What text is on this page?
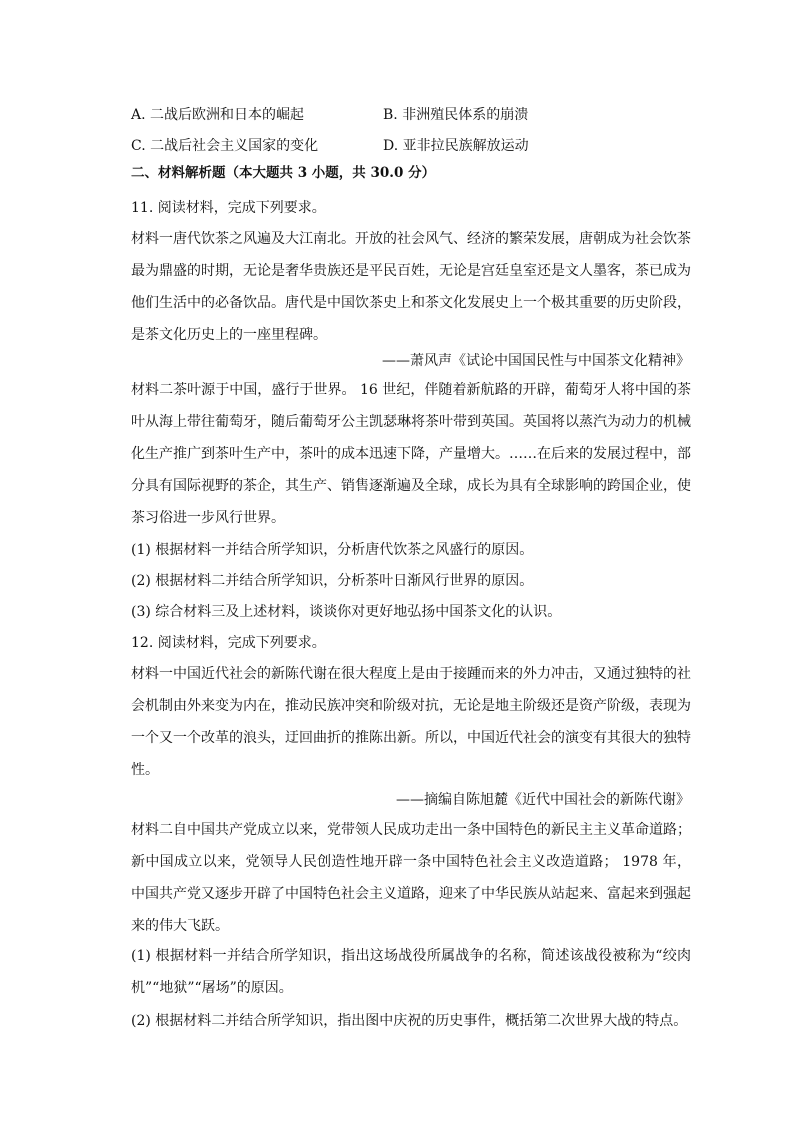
A. 二战后欧洲和日本的崛起	B. 非洲殖民体系的崩溃
C. 二战后社会主义国家的变化	D. 亚非拉民族解放运动
二、材料解析题（本大题共 3 小题，共 30.0 分）
11. 阅读材料，完成下列要求。

材料一唐代饮茶之风遍及大江南北。开放的社会风气、经济的繁荣发展，唐朝成为社会饮茶最为鼎盛的时期，无论是奢华贵族还是平民百姓，无论是宫廷皇室还是文人墨客，茶已成为他们生活中的必备饮品。唐代是中国饮茶史上和茶文化发展史上一个极其重要的历史阶段，是茶文化历史上的一座里程碑。

——萧风声《试论中国国民性与中国茶文化精神》

材料二茶叶源于中国，盛行于世界。 16 世纪，伴随着新航路的开辟，葡萄牙人将中国的茶叶从海上带往葡萄牙，随后葡萄牙公主凯瑟琳将茶叶带到英国。英国将以蒸汽为动力的机械化生产推广到茶叶生产中，茶叶的成本迅速下降，产量增大。……在后来的发展过程中，部分具有国际视野的茶企，其生产、销售逐渐遍及全球，成长为具有全球影响的跨国企业，使茶习俗进一步风行世界。

(1) 根据材料一并结合所学知识，分析唐代饮茶之风盛行的原因。
(2) 根据材料二并结合所学知识，分析茶叶日渐风行世界的原因。
(3) 综合材料三及上述材料，谈谈你对更好地弘扬中国茶文化的认识。
12. 阅读材料，完成下列要求。

材料一中国近代社会的新陈代谢在很大程度上是由于接踵而来的外力冲击，又通过独特的社会机制由外来变为内在，推动民族冲突和阶级对抗，无论是地主阶级还是资产阶级，表现为一个又一个改革的浪头，迂回曲折的推陈出新。所以，中国近代社会的演变有其很大的独特性。

——摘编自陈旭麓《近代中国社会的新陈代谢》

材料二自中国共产党成立以来，党带领人民成功走出一条中国特色的新民主主义革命道路；新中国成立以来，党领导人民创造性地开辟一条中国特色社会主义改造道路； 1978 年，中国共产党又逐步开辟了中国特色社会主义道路，迎来了中华民族从站起来、富起来到强起来的伟大飞跃。

(1) 根据材料一并结合所学知识，指出这场战役所属战争的名称，简述该战役被称为“绞肉机”“地狱”“屠场”的原因。

(2) 根据材料二并结合所学知识，指出图中庆祝的历史事件，概括第二次世界大战的特点。
